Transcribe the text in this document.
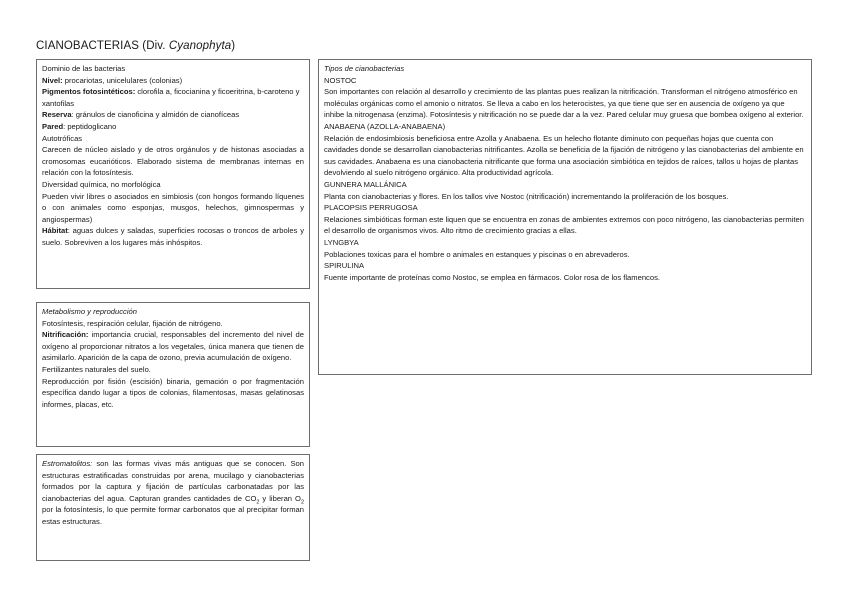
CIANOBACTERIAS (Div. Cyanophyta)

Dominio de las bacterias

Nivel: procariotas, unicelulares (colonias)

Pigmentos fotosintéticos: clorofila a, ficocianina y ficoeritrina, b-caroteno y xantofilas

Reserva: gránulos de cianoficina y almidón de cianofíceas

Pared: peptidoglicano

Autotróficas

Carecen de núcleo aislado y de otros orgánulos y de histonas asociadas a cromosomas eucarióticos. Elaborado sistema de membranas internas en relación con la fotosíntesis.

Diversidad química, no morfológica

Pueden vivir libres o asociados en simbiosis (con hongos formando líquenes o con animales como esponjas, musgos, helechos, gimnospermas y angiospermas)

Hábitat: aguas dulces y saladas, superficies rocosas o troncos de arboles y suelo. Sobreviven a los lugares más inhóspitos.

Metabolismo y reproducción

Fotosíntesis, respiración celular, fijación de nitrógeno.

Nitrificación: importancia crucial, responsables del incremento del nivel de oxígeno al proporcionar nitratos a los vegetales, única manera que tienen de asimilarlo. Aparición de la capa de ozono, previa acumulación de oxígeno.

Fertilizantes naturales del suelo.

Reproducción por fisión (escisión) binaria, gemación o por fragmentación específica dando lugar a tipos de colonias, filamentosas, masas gelatinosas informes, placas, etc.

Estromatolitos: son las formas vivas más antiguas que se conocen. Son estructuras estratificadas construidas por arena, mucilago y cianobacterias formados por la captura y fijación de partículas carbonatadas por las cianobacterias del agua. Capturan grandes cantidades de $CO_2$ y liberan $O_2$ por la fotosíntesis, lo que permite formar carbonatos que al precipitar forman estas estructuras.

Tipos de cianobacterias

NOSTOC

Son importantes con relación al desarrollo y crecimiento de las plantas pues realizan la nitrificación. Transforman el nitrógeno atmosférico en moléculas orgánicas como el amonio o nitratos. Se lleva a cabo en los heterocistes, ya que tiene que ser en ausencia de oxígeno ya que inhibe la nitrogenasa (enzima). Fotosíntesis y nitrificación no se puede dar a la vez. Pared celular muy gruesa que bombea oxígeno al exterior.

ANABAENA (AZOLLA-ANABAENA)

Relación de endosimbiosis beneficiosa entre Azolla y Anabaena. Es un helecho flotante diminuto con pequeñas hojas que cuenta con cavidades donde se desarrollan cianobacterias nitrificantes. Azolla se beneficia de la fijación de nitrógeno y las cianobacterias del ambiente en sus cavidades. Anabaena es una cianobacteria nitrificante que forma una asociación simbiótica en tejidos de raíces, tallos u hojas de plantas devolviendo al suelo nitrógeno orgánico. Alta productividad agrícola.

GUNNERA MALLÁNICA

Planta con cianobacterias y flores. En los tallos vive Nostoc (nitrificación) incrementando la proliferación de los bosques.

PLACOPSIS PERRUGOSA

Relaciones simbióticas forman este liquen que se encuentra en zonas de ambientes extremos con poco nitrógeno, las cianobacterias permiten el desarrollo de organismos vivos. Alto ritmo de crecimiento gracias a ellas.

LYNGBYA

Poblaciones toxicas para el hombre o animales en estanques y piscinas o en abrevaderos.

SPIRULINA

Fuente importante de proteínas como Nostoc, se emplea en fármacos. Color rosa de los flamencos.
